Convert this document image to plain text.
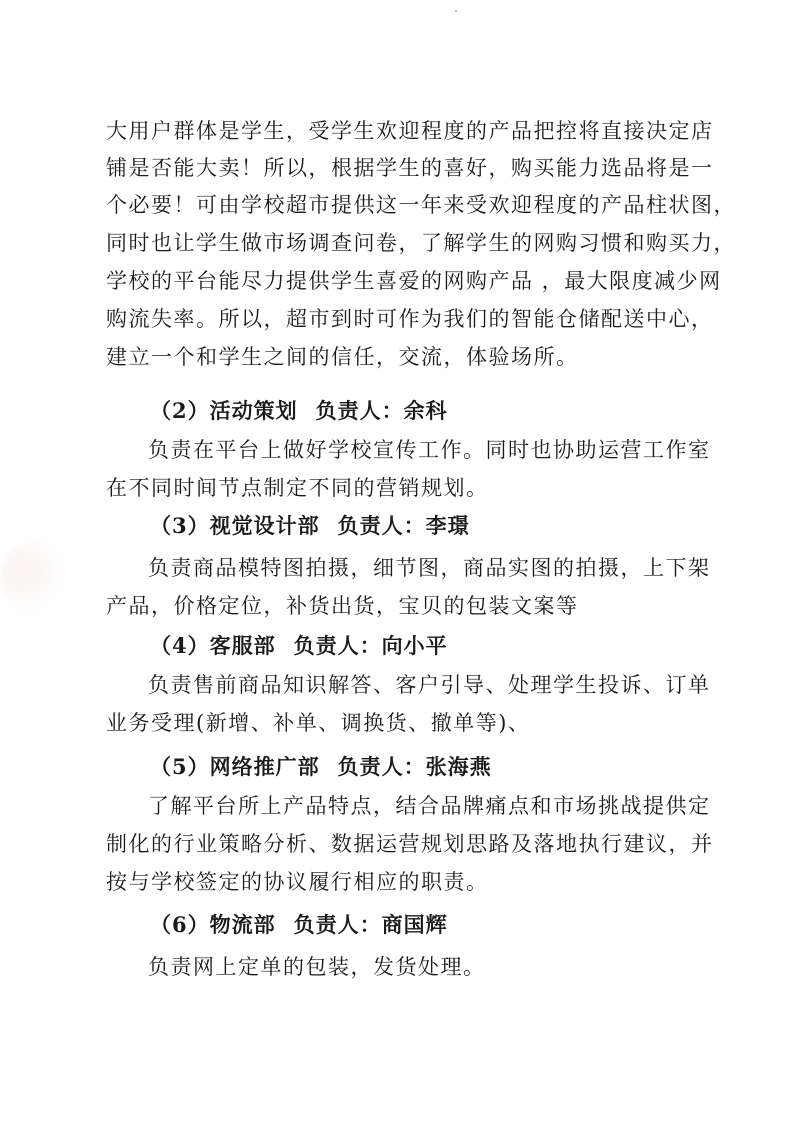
大用户群体是学生，受学生欢迎程度的产品把控将直接决定店
铺是否能大卖！所以，根据学生的喜好，购买能力选品将是一
个必要！可由学校超市提供这一年来受欢迎程度的产品柱状图，
同时也让学生做市场调查问卷，了解学生的网购习惯和购买力，
学校的平台能尽力提供学生喜爱的网购产品 ，最大限度减少网
购流失率。所以，超市到时可作为我们的智能仓储配送中心，
建立一个和学生之间的信任，交流，体验场所。
（2）活动策划 负责人：余科
负责在平台上做好学校宣传工作。同时也协助运营工作室
在不同时间节点制定不同的营销规划。
（3）视觉设计部 负责人：李璟
负责商品模特图拍摄，细节图，商品实图的拍摄，上下架
产品，价格定位，补货出货，宝贝的包装文案等
（4）客服部 负责人：向小平
负责售前商品知识解答、客户引导、处理学生投诉、订单
业务受理(新增、补单、调换货、撤单等)、
（5）网络推广部 负责人：张海燕
了解平台所上产品特点，结合品牌痛点和市场挑战提供定
制化的行业策略分析、数据运营规划思路及落地执行建议，并
按与学校签定的协议履行相应的职责。
（6）物流部 负责人：商国辉
负责网上定单的包装，发货处理。
